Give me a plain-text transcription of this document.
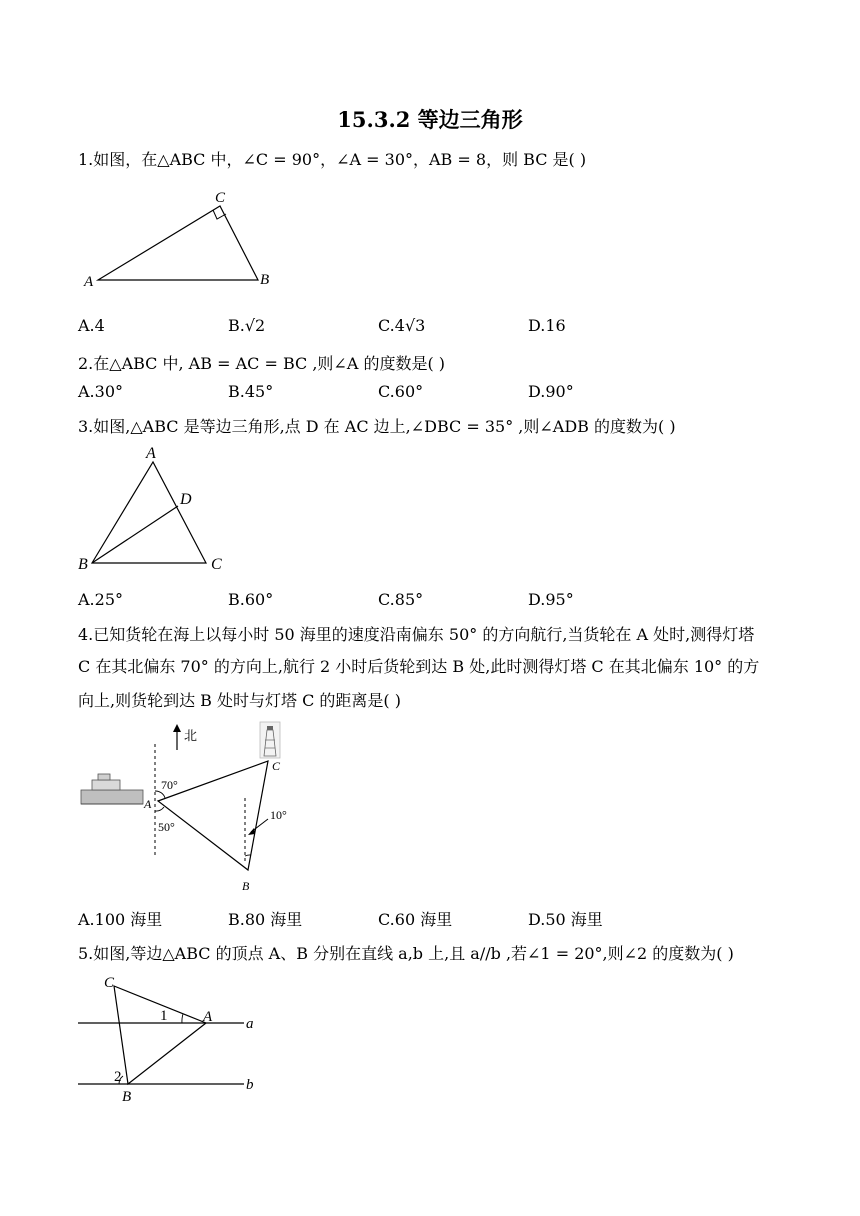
15.3.2 等边三角形
1.如图，在△ABC 中，∠C = 90°，∠A = 30°，AB = 8，则 BC 是( )
A	B
C
A.4	B.√2	C.4√3	D.16
2.在△ABC 中, AB = AC = BC ,则∠A 的度数是( )
A.30°	B.45°	C.60°	D.90°
3.如图,△ABC 是等边三角形,点 D 在 AC 边上,∠DBC = 35° ,则∠ADB 的度数为( )
A
B	C
D
A.25°	B.60°	C.85°	D.95°
4.已知货轮在海上以每小时 50 海里的速度沿南偏东 50° 的方向航行,当货轮在 A 处时,测得灯塔
C 在其北偏东 70° 的方向上,航行 2 小时后货轮到达 B 处,此时测得灯塔 C 在其北偏东 10° 的方
向上,则货轮到达 B 处时与灯塔 C 的距离是( )
北
70°
50°
10°
A
B
C
A.100 海里	B.80 海里	C.60 海里	D.50 海里
5.如图,等边△ABC 的顶点 A、B 分别在直线 a,b 上,且 a//b ,若∠1 = 20°,则∠2 的度数为( )
C
A
B
a
b
1
2
